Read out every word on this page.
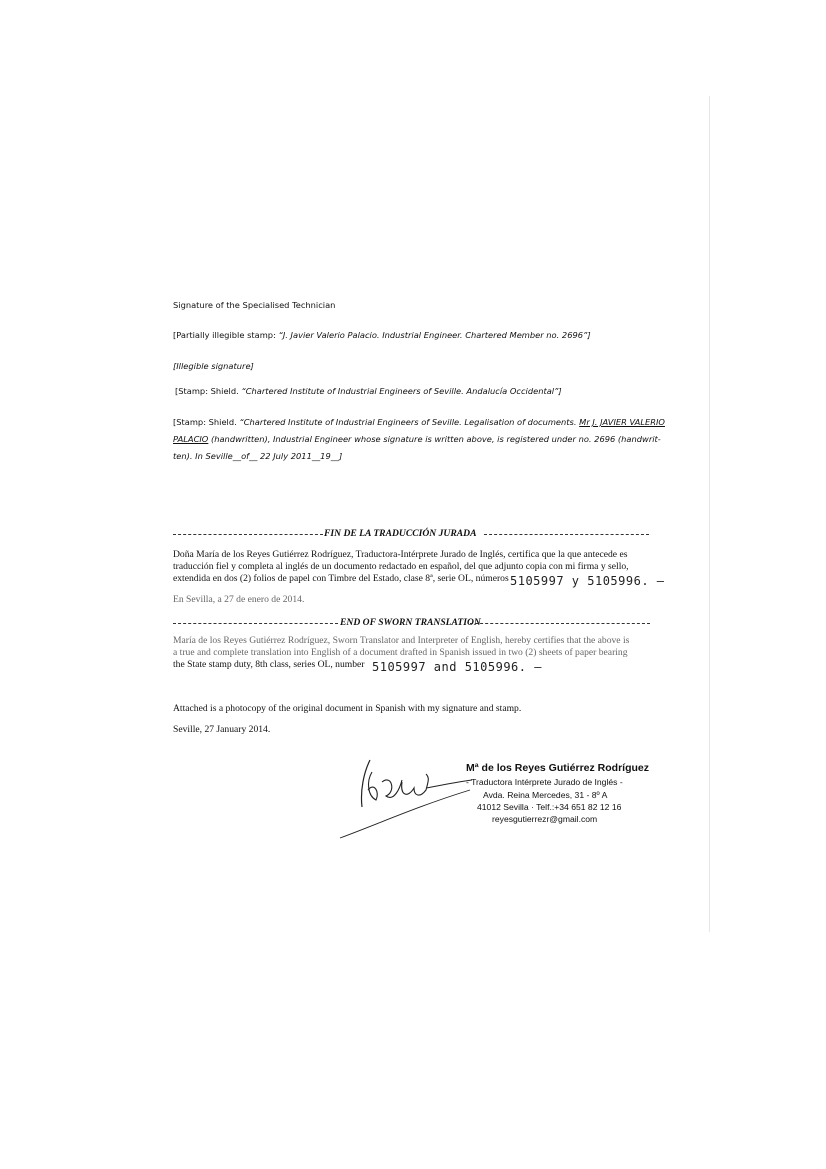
Signature of the Specialised Technician
[Partially illegible stamp: “J. Javier Valerio Palacio. Industrial Engineer. Chartered Member no. 2696”]
[Illegible signature]
[Stamp: Shield. “Chartered Institute of Industrial Engineers of Seville. Andalucía Occidental”]
[Stamp: Shield. “Chartered Institute of Industrial Engineers of Seville. Legalisation of documents. Mr J. JAVIER VALERIO
PALACIO (handwritten), Industrial Engineer whose signature is written above, is registered under no. 2696 (handwrit-
ten). In Seville__of__ 22 July 2011__19__]
FIN DE LA TRADUCCIÓN JURADA
Doña María de los Reyes Gutiérrez Rodríguez, Traductora-Intérprete Jurado de Inglés, certifica que la que antecede es
traducción fiel y completa al inglés de un documento redactado en español, del que adjunto copia con mi firma y sello,
extendida en dos (2) folios de papel con Timbre del Estado, clase 8ª, serie OL, números 5105997 y 5105996. –
En Sevilla, a 27 de enero de 2014.
END OF SWORN TRANSLATION
María de los Reyes Gutiérrez Rodríguez, Sworn Translator and Interpreter of English, hereby certifies that the above is
a true and complete translation into English of a document drafted in Spanish issued in two (2) sheets of paper bearing
the State stamp duty, 8th class, series OL, number 5105997 and 5105996. —
Attached is a photocopy of the original document in Spanish with my signature and stamp.
Seville, 27 January 2014.
Mª de los Reyes Gutiérrez Rodríguez
- Traductora Intérprete Jurado de Inglés -
Avda. Reina Mercedes, 31 - 8º A
41012 Sevilla · Telf.:+34 651 82 12 16
reyesgutierrezr@gmail.com
